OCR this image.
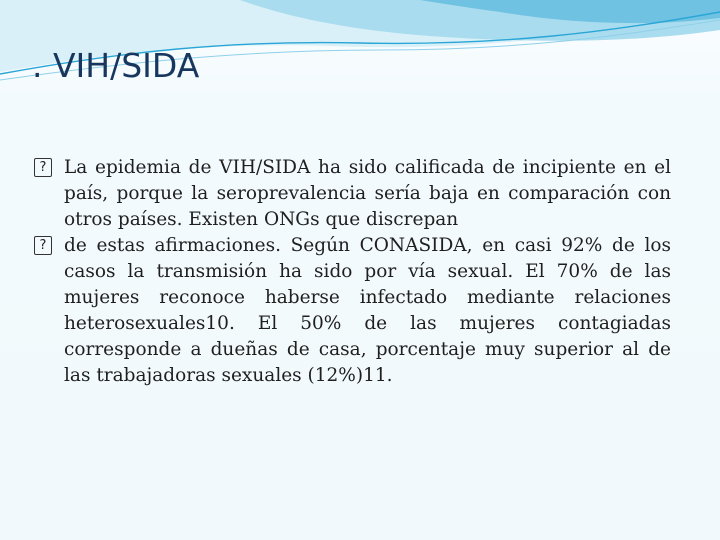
. VIH/SIDA

? La epidemia de VIH/SIDA ha sido calificada de incipiente en el país, porque la seroprevalencia sería baja en comparación con otros países. Existen ONGs que discrepan

? de estas afirmaciones. Según CONASIDA, en casi 92% de los casos la transmisión ha sido por vía sexual. El 70% de las mujeres reconoce haberse infectado mediante relaciones heterosexuales10. El 50% de las mujeres contagiadas corresponde a dueñas de casa, porcentaje muy superior al de las trabajadoras sexuales (12%)11.
